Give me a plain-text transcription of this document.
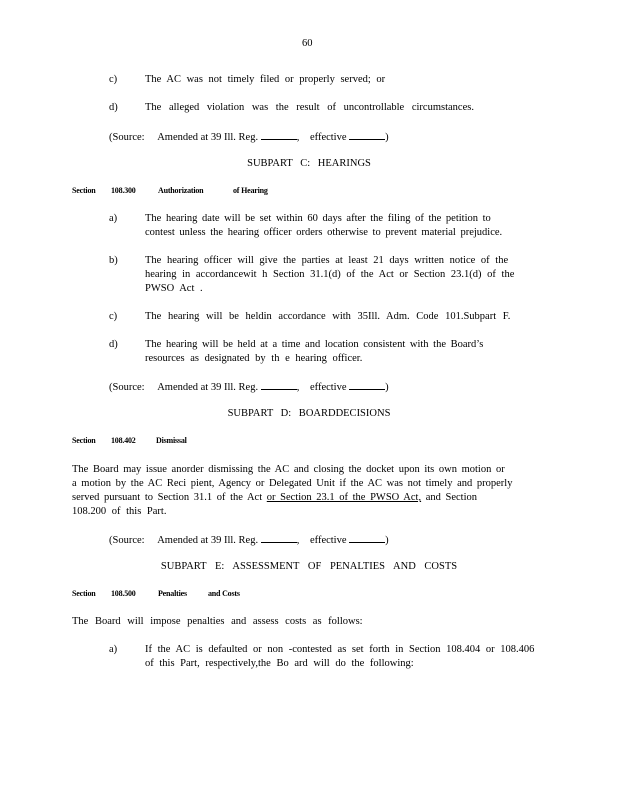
60
c)	The AC was not timely filed or properly served; or
d)	The alleged violation was the result of uncontrollable circumstances.
(Source: Amended at 39 Ill. Reg.	, effective	)
SUBPART C: HEARINGS
Section 108.300	Authorization	of Hearing
a)	The hearing date will be set within 60 days after the filing of the petition to
contest unless the hearing officer orders otherwise to prevent material prejudice.
b)	The hearing officer will give the parties at least 21 days written notice of the
hearing in accordancewit h Section 31.1(d) of the Act or Section 23.1(d) of the
PWSO Act .
c)	The hearing will be heldin accordance with 35Ill. Adm. Code 101.Subpart F.
d)	The hearing will be held at a time and location consistent with the Board’s
resources as designated by th e hearing officer.
(Source: Amended at 39 Ill. Reg.	, effective	)
SUBPART D: BOARDDECISIONS
Section 108.402	Dismissal
The Board may issue anorder dismissing the AC and closing the docket upon its own motion or
a motion by the AC Reci pient, Agency or Delegated Unit if the AC was not timely and properly
served pursuant to Section 31.1 of the Act or Section 23.1 of the PWSO Act, and Section
108.200 of this Part.
(Source: Amended at 39 Ill. Reg.	, effective	)
SUBPART E: ASSESSMENT OF PENALTIES AND COSTS
Section 108.500	Penalties	and Costs
The Board will impose penalties and assess costs as follows:
a)	If the AC is defaulted or non -contested as set forth in Section 108.404 or 108.406
of this Part, respectively,the Bo ard will do the following:
